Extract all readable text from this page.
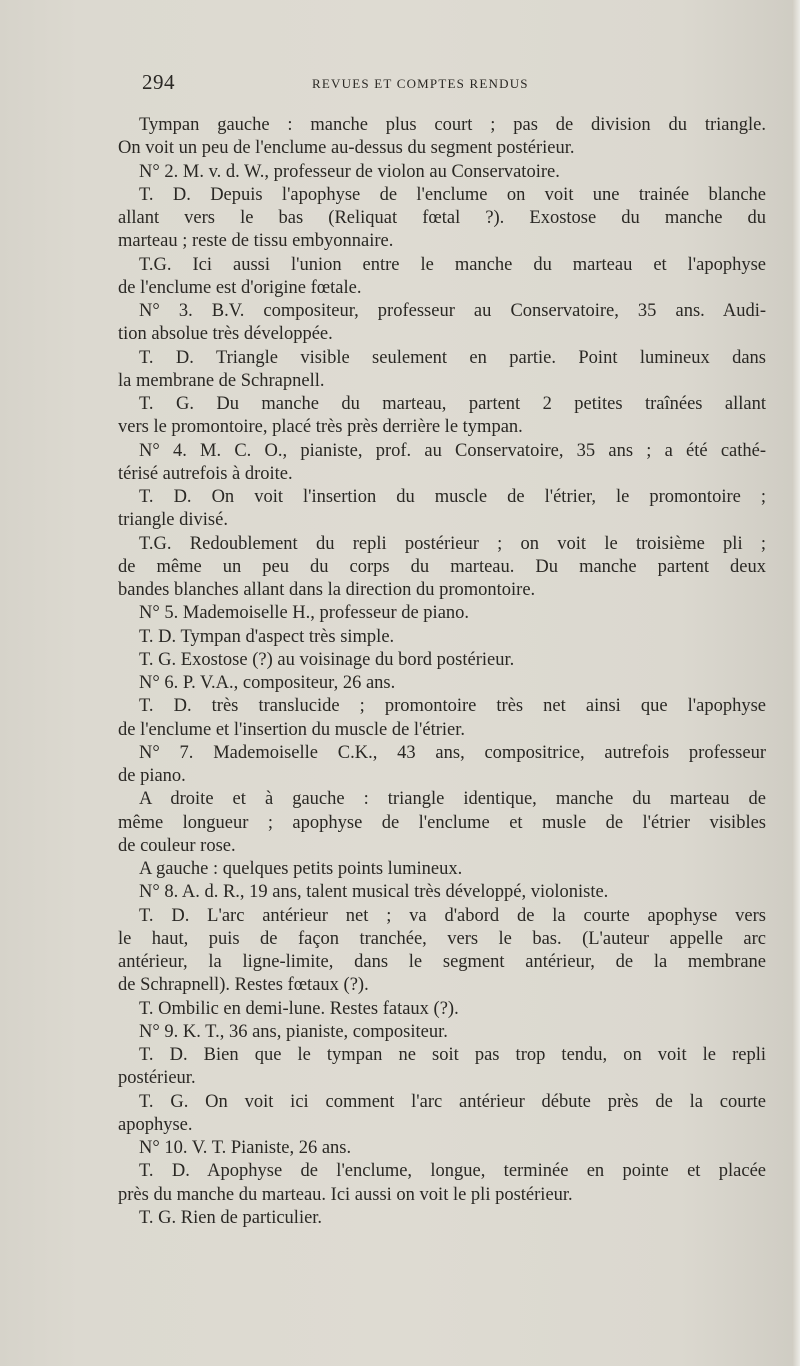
294	REVUES ET COMPTES RENDUS
Tympan gauche : manche plus court ; pas de division du triangle.
On voit un peu de l'enclume au-dessus du segment postérieur.
N° 2. M. v. d. W., professeur de violon au Conservatoire.
T. D. Depuis l'apophyse de l'enclume on voit une trainée blanche
allant vers le bas (Reliquat fœtal ?). Exostose du manche du
marteau ; reste de tissu embyonnaire.
T.G. Ici aussi l'union entre le manche du marteau et l'apophyse
de l'enclume est d'origine fœtale.
N° 3. B.V. compositeur, professeur au Conservatoire, 35 ans. Audi-
tion absolue très développée.
T. D. Triangle visible seulement en partie. Point lumineux dans
la membrane de Schrapnell.
T. G. Du manche du marteau, partent 2 petites traînées allant
vers le promontoire, placé très près derrière le tympan.
N° 4. M. C. O., pianiste, prof. au Conservatoire, 35 ans ; a été cathé-
térisé autrefois à droite.
T. D. On voit l'insertion du muscle de l'étrier, le promontoire ;
triangle divisé.
T.G. Redoublement du repli postérieur ; on voit le troisième pli ;
de même un peu du corps du marteau. Du manche partent deux
bandes blanches allant dans la direction du promontoire.
N° 5. Mademoiselle H., professeur de piano.
T. D. Tympan d'aspect très simple.
T. G. Exostose (?) au voisinage du bord postérieur.
N° 6. P. V.A., compositeur, 26 ans.
T. D. très translucide ; promontoire très net ainsi que l'apophyse
de l'enclume et l'insertion du muscle de l'étrier.
N° 7. Mademoiselle C.K., 43 ans, compositrice, autrefois professeur
de piano.
A droite et à gauche : triangle identique, manche du marteau de
même longueur ; apophyse de l'enclume et musle de l'étrier visibles
de couleur rose.
A gauche : quelques petits points lumineux.
N° 8. A. d. R., 19 ans, talent musical très développé, violoniste.
T. D. L'arc antérieur net ; va d'abord de la courte apophyse vers
le haut, puis de façon tranchée, vers le bas. (L'auteur appelle arc
antérieur, la ligne-limite, dans le segment antérieur, de la membrane
de Schrapnell). Restes fœtaux (?).
T. Ombilic en demi-lune. Restes fataux (?).
N° 9. K. T., 36 ans, pianiste, compositeur.
T. D. Bien que le tympan ne soit pas trop tendu, on voit le repli
postérieur.
T. G. On voit ici comment l'arc antérieur débute près de la courte
apophyse.
N° 10. V. T. Pianiste, 26 ans.
T. D. Apophyse de l'enclume, longue, terminée en pointe et placée
près du manche du marteau. Ici aussi on voit le pli postérieur.
T. G. Rien de particulier.
